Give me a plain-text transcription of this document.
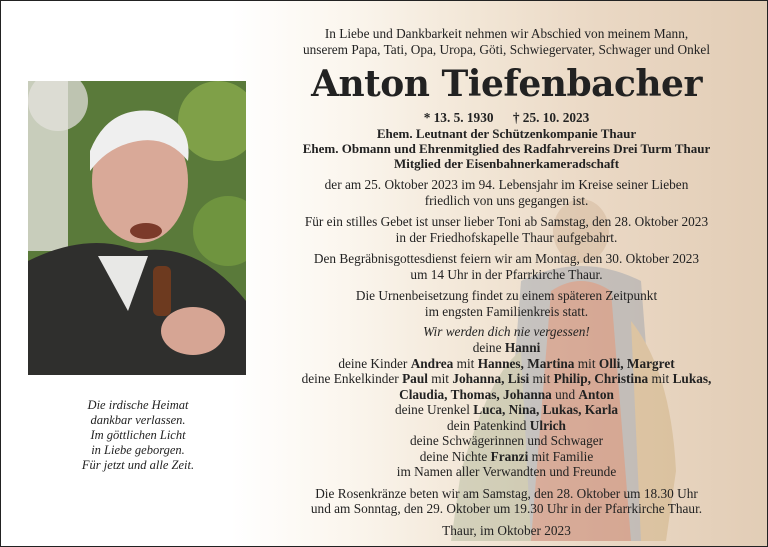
Die irdische Heimat
dankbar verlassen.
Im göttlichen Licht
in Liebe geborgen.
Für jetzt und alle Zeit.
In Liebe und Dankbarkeit nehmen wir Abschied von meinem Mann,
unserem Papa, Tati, Opa, Uropa, Göti, Schwiegervater, Schwager und Onkel
Anton Tiefenbacher
* 13. 5. 1930 † 25. 10. 2023
Ehem. Leutnant der Schützenkompanie Thaur
Ehem. Obmann und Ehrenmitglied des Radfahrvereins Drei Turm Thaur
Mitglied der Eisenbahnerkameradschaft
der am 25. Oktober 2023 im 94. Lebensjahr im Kreise seiner Lieben
friedlich von uns gegangen ist.
Für ein stilles Gebet ist unser lieber Toni ab Samstag, den 28. Oktober 2023
in der Friedhofskapelle Thaur aufgebahrt.
Den Begräbnisgottesdienst feiern wir am Montag, den 30. Oktober 2023
um 14 Uhr in der Pfarrkirche Thaur.
Die Urnenbeisetzung findet zu einem späteren Zeitpunkt
im engsten Familienkreis statt.
Wir werden dich nie vergessen!
deine Hanni
deine Kinder Andrea mit Hannes, Martina mit Olli, Margret
deine Enkelkinder Paul mit Johanna, Lisi mit Philip, Christina mit Lukas,
Claudia, Thomas, Johanna und Anton
deine Urenkel Luca, Nina, Lukas, Karla
dein Patenkind Ulrich
deine Schwägerinnen und Schwager
deine Nichte Franzi mit Familie
im Namen aller Verwandten und Freunde
Die Rosenkränze beten wir am Samstag, den 28. Oktober um 18.30 Uhr
und am Sonntag, den 29. Oktober um 19.30 Uhr in der Pfarrkirche Thaur.
Thaur, im Oktober 2023
